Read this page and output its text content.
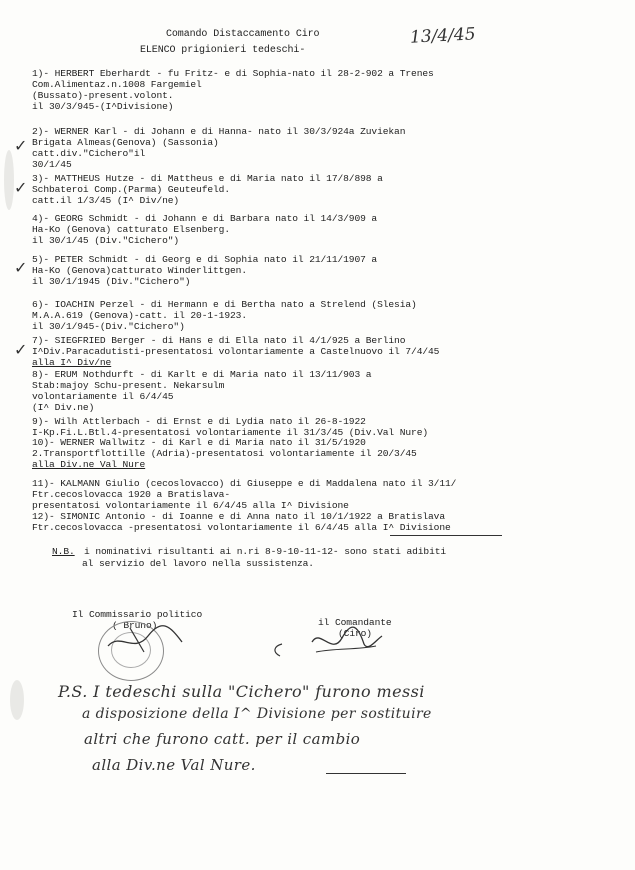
Comando Distaccamento Ciro	13/4/45
ELENCO prigionieri tedeschi-
1)- HERBERT Eberhardt - fu Fritz- e di Sophia-nato il 28-2-902 a Trenes
Com.Alimentaz.n.1008 Fargemiel
(Bussato)-present.volont.
il 30/3/945-(I^Divisione)
✓
2)- WERNER Karl - di Johann e di Hanna- nato il 30/3/924a Zuviekan
Brigata Almeas(Genova) (Sassonia)
catt.div."Cichero"il
30/1/45
✓ 3)- MATTHEUS Hutze - di Mattheus e di Maria nato il 17/8/898 a
Schbateroi Comp.(Parma) Geuteufeld.
catt.il 1/3/45 (I^ Div/ne)
4)- GEORG Schmidt - di Johann e di Barbara nato il 14/3/909 a
Ha-Ko (Genova) catturato Elsenberg.
il 30/1/45 (Div."Cichero")
✓ 5)- PETER Schmidt - di Georg e di Sophia nato il 21/11/1907 a
Ha-Ko (Genova)catturato Winderlittgen.
il 30/1/1945 (Div."Cichero")
6)- IOACHIN Perzel - di Hermann e di Bertha nato a Strelend (Slesia)
M.A.A.619 (Genova)-catt. il 20-1-1923.
il 30/1/945-(Div."Cichero")
✓ 7)- SIEGFRIED Berger - di Hans e di Ella nato il 4/1/925 a Berlino
I^Div.Paracadutisti-presentatosi volontariamente a Castelnuovo il 7/4/45
alla I^ Div/ne
8)- ERUM Nothdurft - di Karlt e di Maria nato il 13/11/903 a
Stab:majoy Schu-present. Nekarsulm
volontariamente il 6/4/45
(I^ Div.ne)
9)- Wilh Attlerbach - di Ernst e di Lydia nato il 26-8-1922
I-Kp.Fi.L.Btl.4-presentatosi volontariamente il 31/3/45 (Div.Val Nure)
10)- WERNER Wallwitz - di Karl e di Maria nato il 31/5/1920
2.Transportflottille (Adria)-presentatosi volontariamente il 20/3/45
alla Div.ne Val Nure
11)- KALMANN Giulio (cecoslovacco) di Giuseppe e di Maddalena nato il 3/11/
Ftr.cecoslovacca 1920 a Bratislava-
presentatosi volontariamente il 6/4/45 alla I^ Divisione
12)- SIMONIC Antonio - di Ioanne e di Anna nato il 10/1/1922 a Bratislava
Ftr.cecoslovacca -presentatosi volontariamente il 6/4/45 alla I^ Divisione
N.B. i nominativi risultanti ai n.ri 8-9-10-11-12- sono stati adibiti
al servizio del lavoro nella sussistenza.
Il Commissario politico
( Bruno)	il Comandante
(Ciro)
P.S. I tedeschi sulla "Cichero" furono messi
a disposizione della I^ Divisione per sostituire
altri che furono catt. per il cambio
alla Div.ne Val Nure.
